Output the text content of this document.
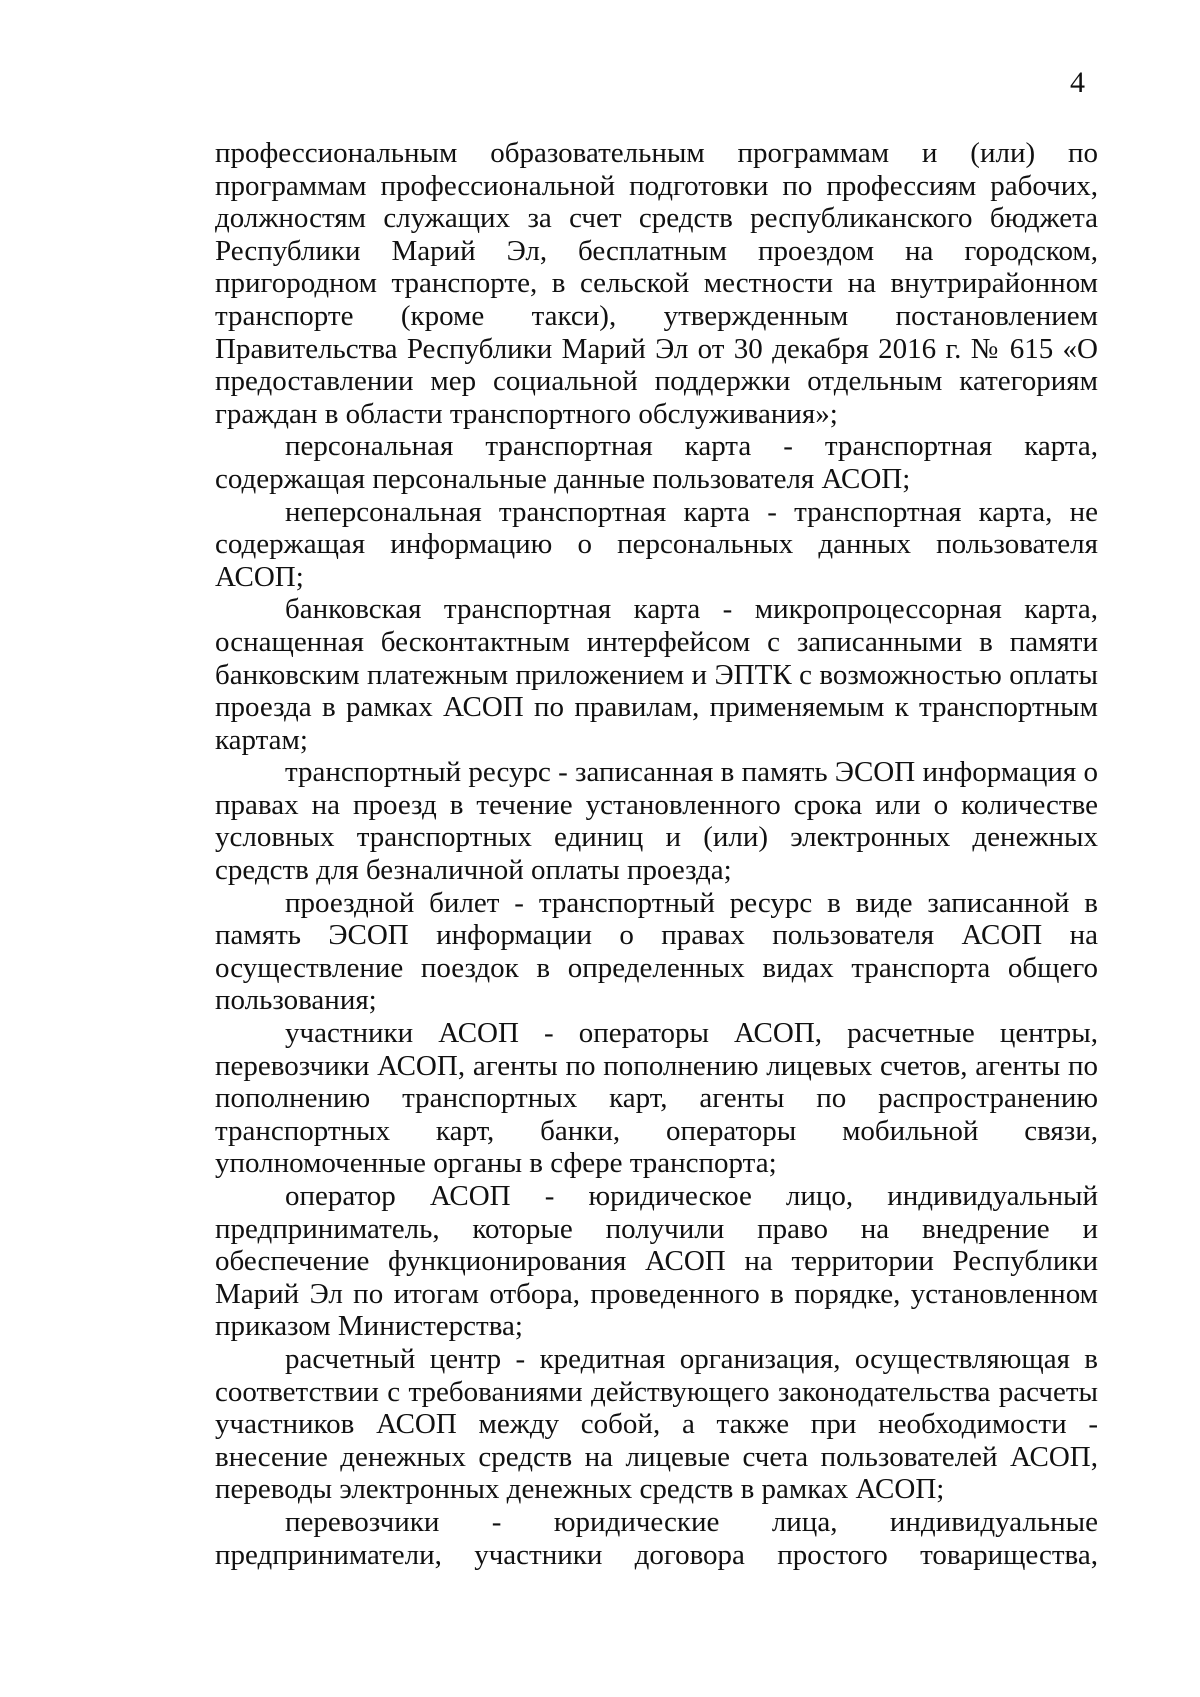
4

профессиональным образовательным программам и (или) по программам профессиональной подготовки по профессиям рабочих, должностям служащих за счет средств республиканского бюджета Республики Марий Эл, бесплатным проездом на городском, пригородном транспорте, в сельской местности на внутрирайонном транспорте (кроме такси), утвержденным постановлением Правительства Республики Марий Эл от 30 декабря 2016 г. № 615 «О предоставлении мер социальной поддержки отдельным категориям граждан в области транспортного обслуживания»;

персональная транспортная карта - транспортная карта, содержащая персональные данные пользователя АСОП;

неперсональная транспортная карта - транспортная карта, не содержащая информацию о персональных данных пользователя АСОП;

банковская транспортная карта - микропроцессорная карта, оснащенная бесконтактным интерфейсом с записанными в памяти банковским платежным приложением и ЭПТК с возможностью оплаты проезда в рамках АСОП по правилам, применяемым к транспортным картам;

транспортный ресурс - записанная в память ЭСОП информация о правах на проезд в течение установленного срока или о количестве условных транспортных единиц и (или) электронных денежных средств для безналичной оплаты проезда;

проездной билет - транспортный ресурс в виде записанной в память ЭСОП информации о правах пользователя АСОП на осуществление поездок в определенных видах транспорта общего пользования;

участники АСОП - операторы АСОП, расчетные центры, перевозчики АСОП, агенты по пополнению лицевых счетов, агенты по пополнению транспортных карт, агенты по распространению транспортных карт, банки, операторы мобильной связи, уполномоченные органы в сфере транспорта;

оператор АСОП - юридическое лицо, индивидуальный предприниматель, которые получили право на внедрение и обеспечение функционирования АСОП на территории Республики Марий Эл по итогам отбора, проведенного в порядке, установленном приказом Министерства;

расчетный центр - кредитная организация, осуществляющая в соответствии с требованиями действующего законодательства расчеты участников АСОП между собой, а также при необходимости - внесение денежных средств на лицевые счета пользователей АСОП, переводы электронных денежных средств в рамках АСОП;

перевозчики - юридические лица, индивидуальные предприниматели, участники договора простого товарищества,
